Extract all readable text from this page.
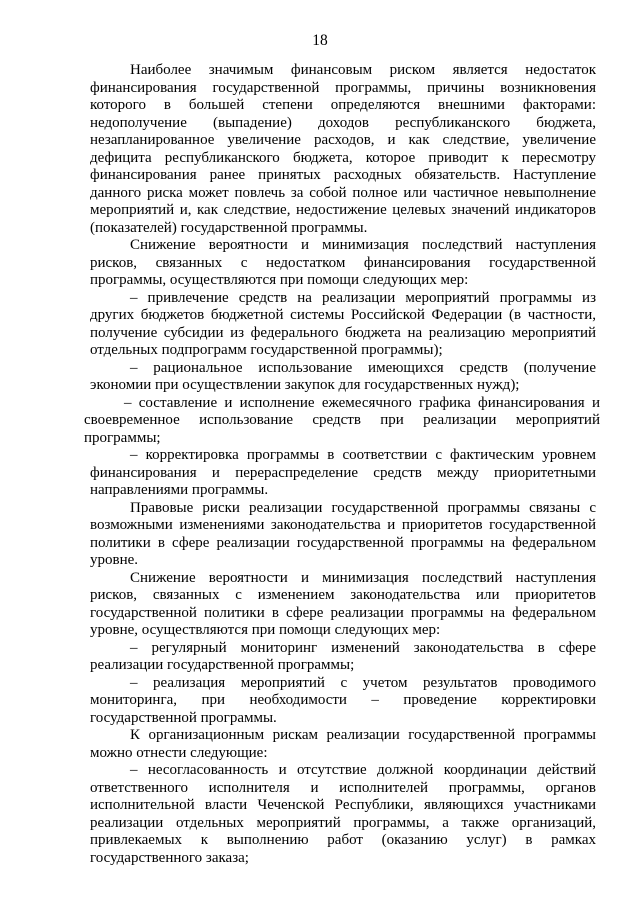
18

Наиболее значимым финансовым риском является недостаток финансирования государственной программы, причины возникновения которого в большей степени определяются внешними факторами: недополучение (выпадение) доходов республиканского бюджета, незапланированное увеличение расходов, и как следствие, увеличение дефицита республиканского бюджета, которое приводит к пересмотру финансирования ранее принятых расходных обязательств. Наступление данного риска может повлечь за собой полное или частичное невыполнение мероприятий и, как следствие, недостижение целевых значений индикаторов (показателей) государственной программы.

Снижение вероятности и минимизация последствий наступления рисков, связанных с недостатком финансирования государственной программы, осуществляются при помощи следующих мер:

– привлечение средств на реализации мероприятий программы из других бюджетов бюджетной системы Российской Федерации (в частности, получение субсидии из федерального бюджета на реализацию мероприятий отдельных подпрограмм государственной программы);

– рациональное использование имеющихся средств (получение экономии при осуществлении закупок для государственных нужд);

– составление и исполнение ежемесячного графика финансирования и своевременное использование средств при реализации мероприятий программы;

– корректировка программы в соответствии с фактическим уровнем финансирования и перераспределение средств между приоритетными направлениями программы.

Правовые риски реализации государственной программы связаны с возможными изменениями законодательства и приоритетов государственной политики в сфере реализации государственной программы на федеральном уровне.

Снижение вероятности и минимизация последствий наступления рисков, связанных с изменением законодательства или приоритетов государственной политики в сфере реализации программы на федеральном уровне, осуществляются при помощи следующих мер:

– регулярный мониторинг изменений законодательства в сфере реализации государственной программы;

– реализация мероприятий с учетом результатов проводимого мониторинга, при необходимости – проведение корректировки государственной программы.

К организационным рискам реализации государственной программы можно отнести следующие:

– несогласованность и отсутствие должной координации действий ответственного исполнителя и исполнителей программы, органов исполнительной власти Чеченской Республики, являющихся участниками реализации отдельных мероприятий программы, а также организаций, привлекаемых к выполнению работ (оказанию услуг) в рамках государственного заказа;
